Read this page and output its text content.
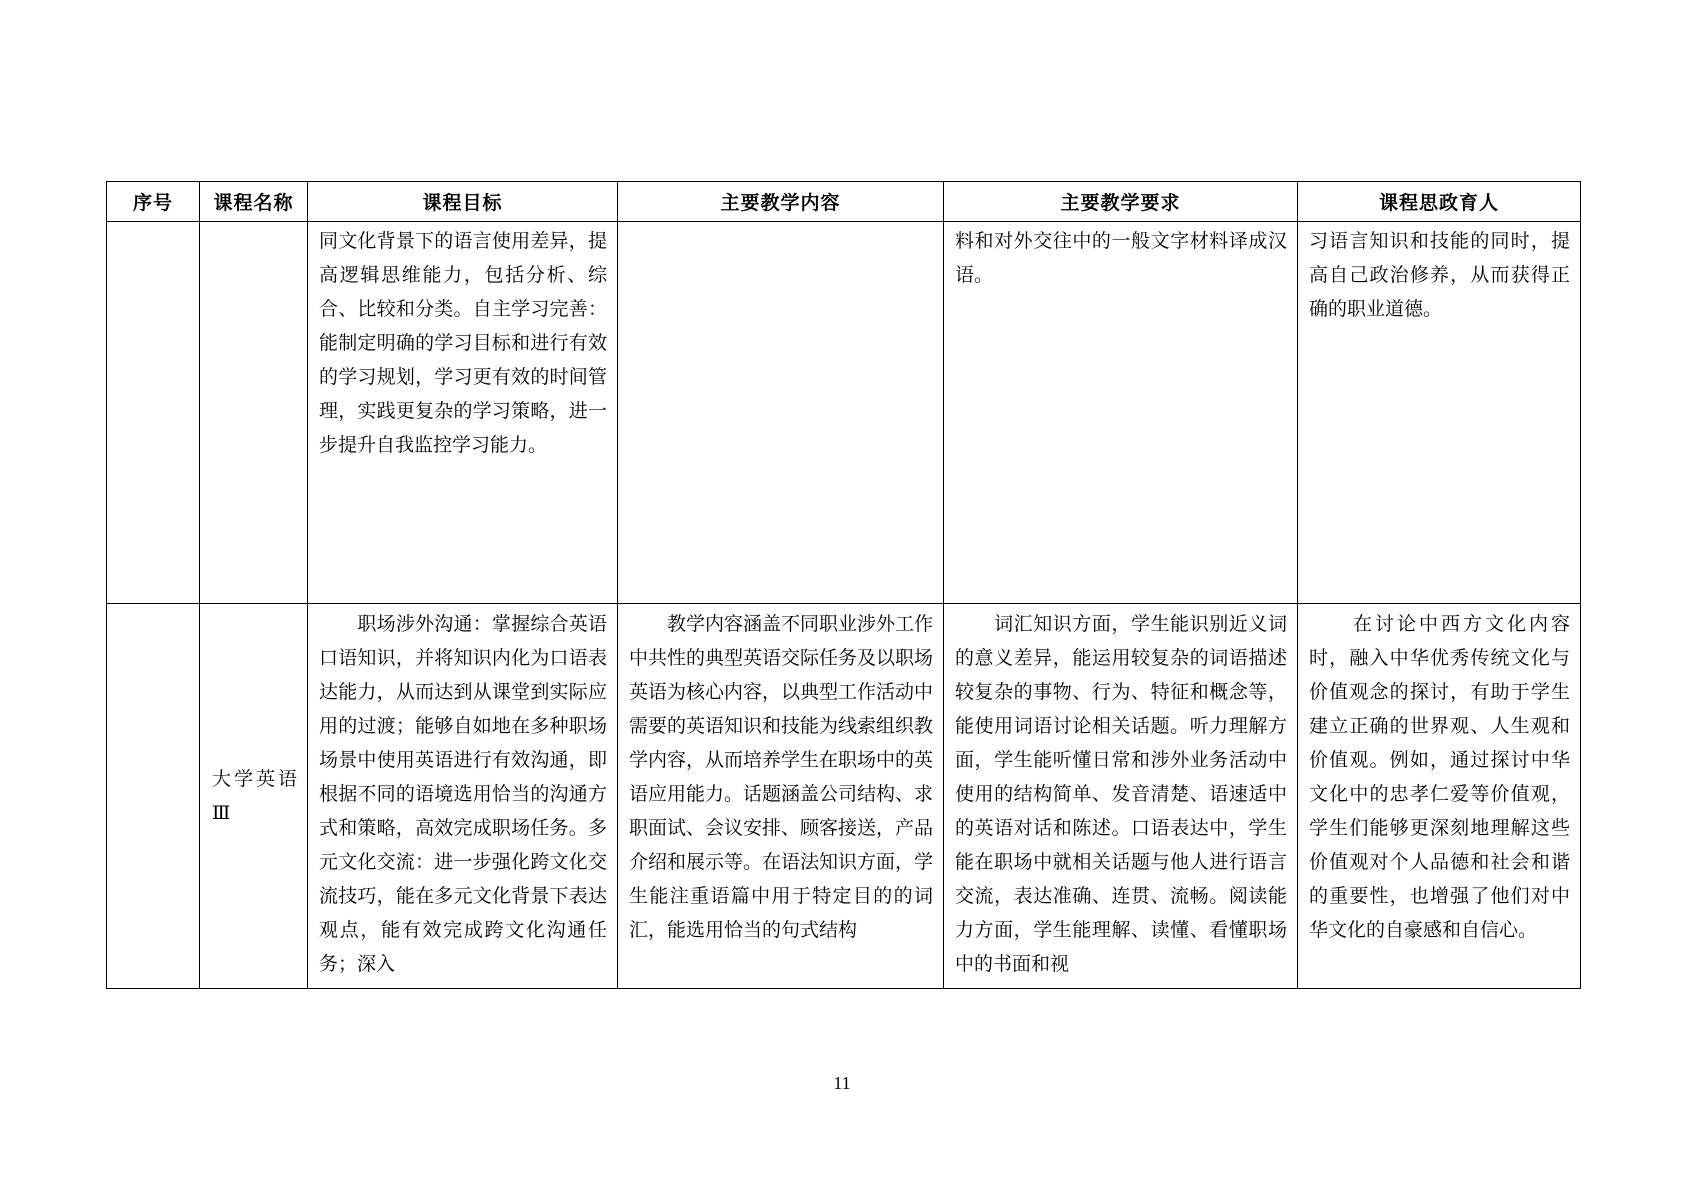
序号	课程名称	课程目标	主要教学内容	主要教学要求	课程思政育人

		同文化背景下的语言使用差异，提高逻辑思维能力，包括分析、综合、比较和分类。自主学习完善：能制定明确的学习目标和进行有效的学习规划，学习更有效的时间管理，实践更复杂的学习策略，进一步提升自我监控学习能力。		料和对外交往中的一般文字材料译成汉语。	习语言知识和技能的同时，提高自己政治修养，从而获得正确的职业道德。

	大学英语Ⅲ	　　职场涉外沟通：掌握综合英语口语知识，并将知识内化为口语表达能力，从而达到从课堂到实际应用的过渡；能够自如地在多种职场场景中使用英语进行有效沟通，即根据不同的语境选用恰当的沟通方式和策略，高效完成职场任务。多元文化交流：进一步强化跨文化交流技巧，能在多元文化背景下表达观点，能有效完成跨文化沟通任务；深入	　　教学内容涵盖不同职业涉外工作中共性的典型英语交际任务及以职场英语为核心内容，以典型工作活动中需要的英语知识和技能为线索组织教学内容，从而培养学生在职场中的英语应用能力。话题涵盖公司结构、求职面试、会议安排、顾客接送，产品介绍和展示等。在语法知识方面，学生能注重语篇中用于特定目的的词汇，能选用恰当的句式结构	　　词汇知识方面，学生能识别近义词的意义差异，能运用较复杂的词语描述较复杂的事物、行为、特征和概念等，能使用词语讨论相关话题。听力理解方面，学生能听懂日常和涉外业务活动中使用的结构简单、发音清楚、语速适中的英语对话和陈述。口语表达中，学生能在职场中就相关话题与他人进行语言交流，表达准确、连贯、流畅。阅读能力方面，学生能理解、读懂、看懂职场中的书面和视	　　在讨论中西方文化内容时，融入中华优秀传统文化与价值观念的探讨，有助于学生建立正确的世界观、人生观和价值观。例如，通过探讨中华文化中的忠孝仁爱等价值观，学生们能够更深刻地理解这些价值观对个人品德和社会和谐的重要性，也增强了他们对中华文化的自豪感和自信心。
11
